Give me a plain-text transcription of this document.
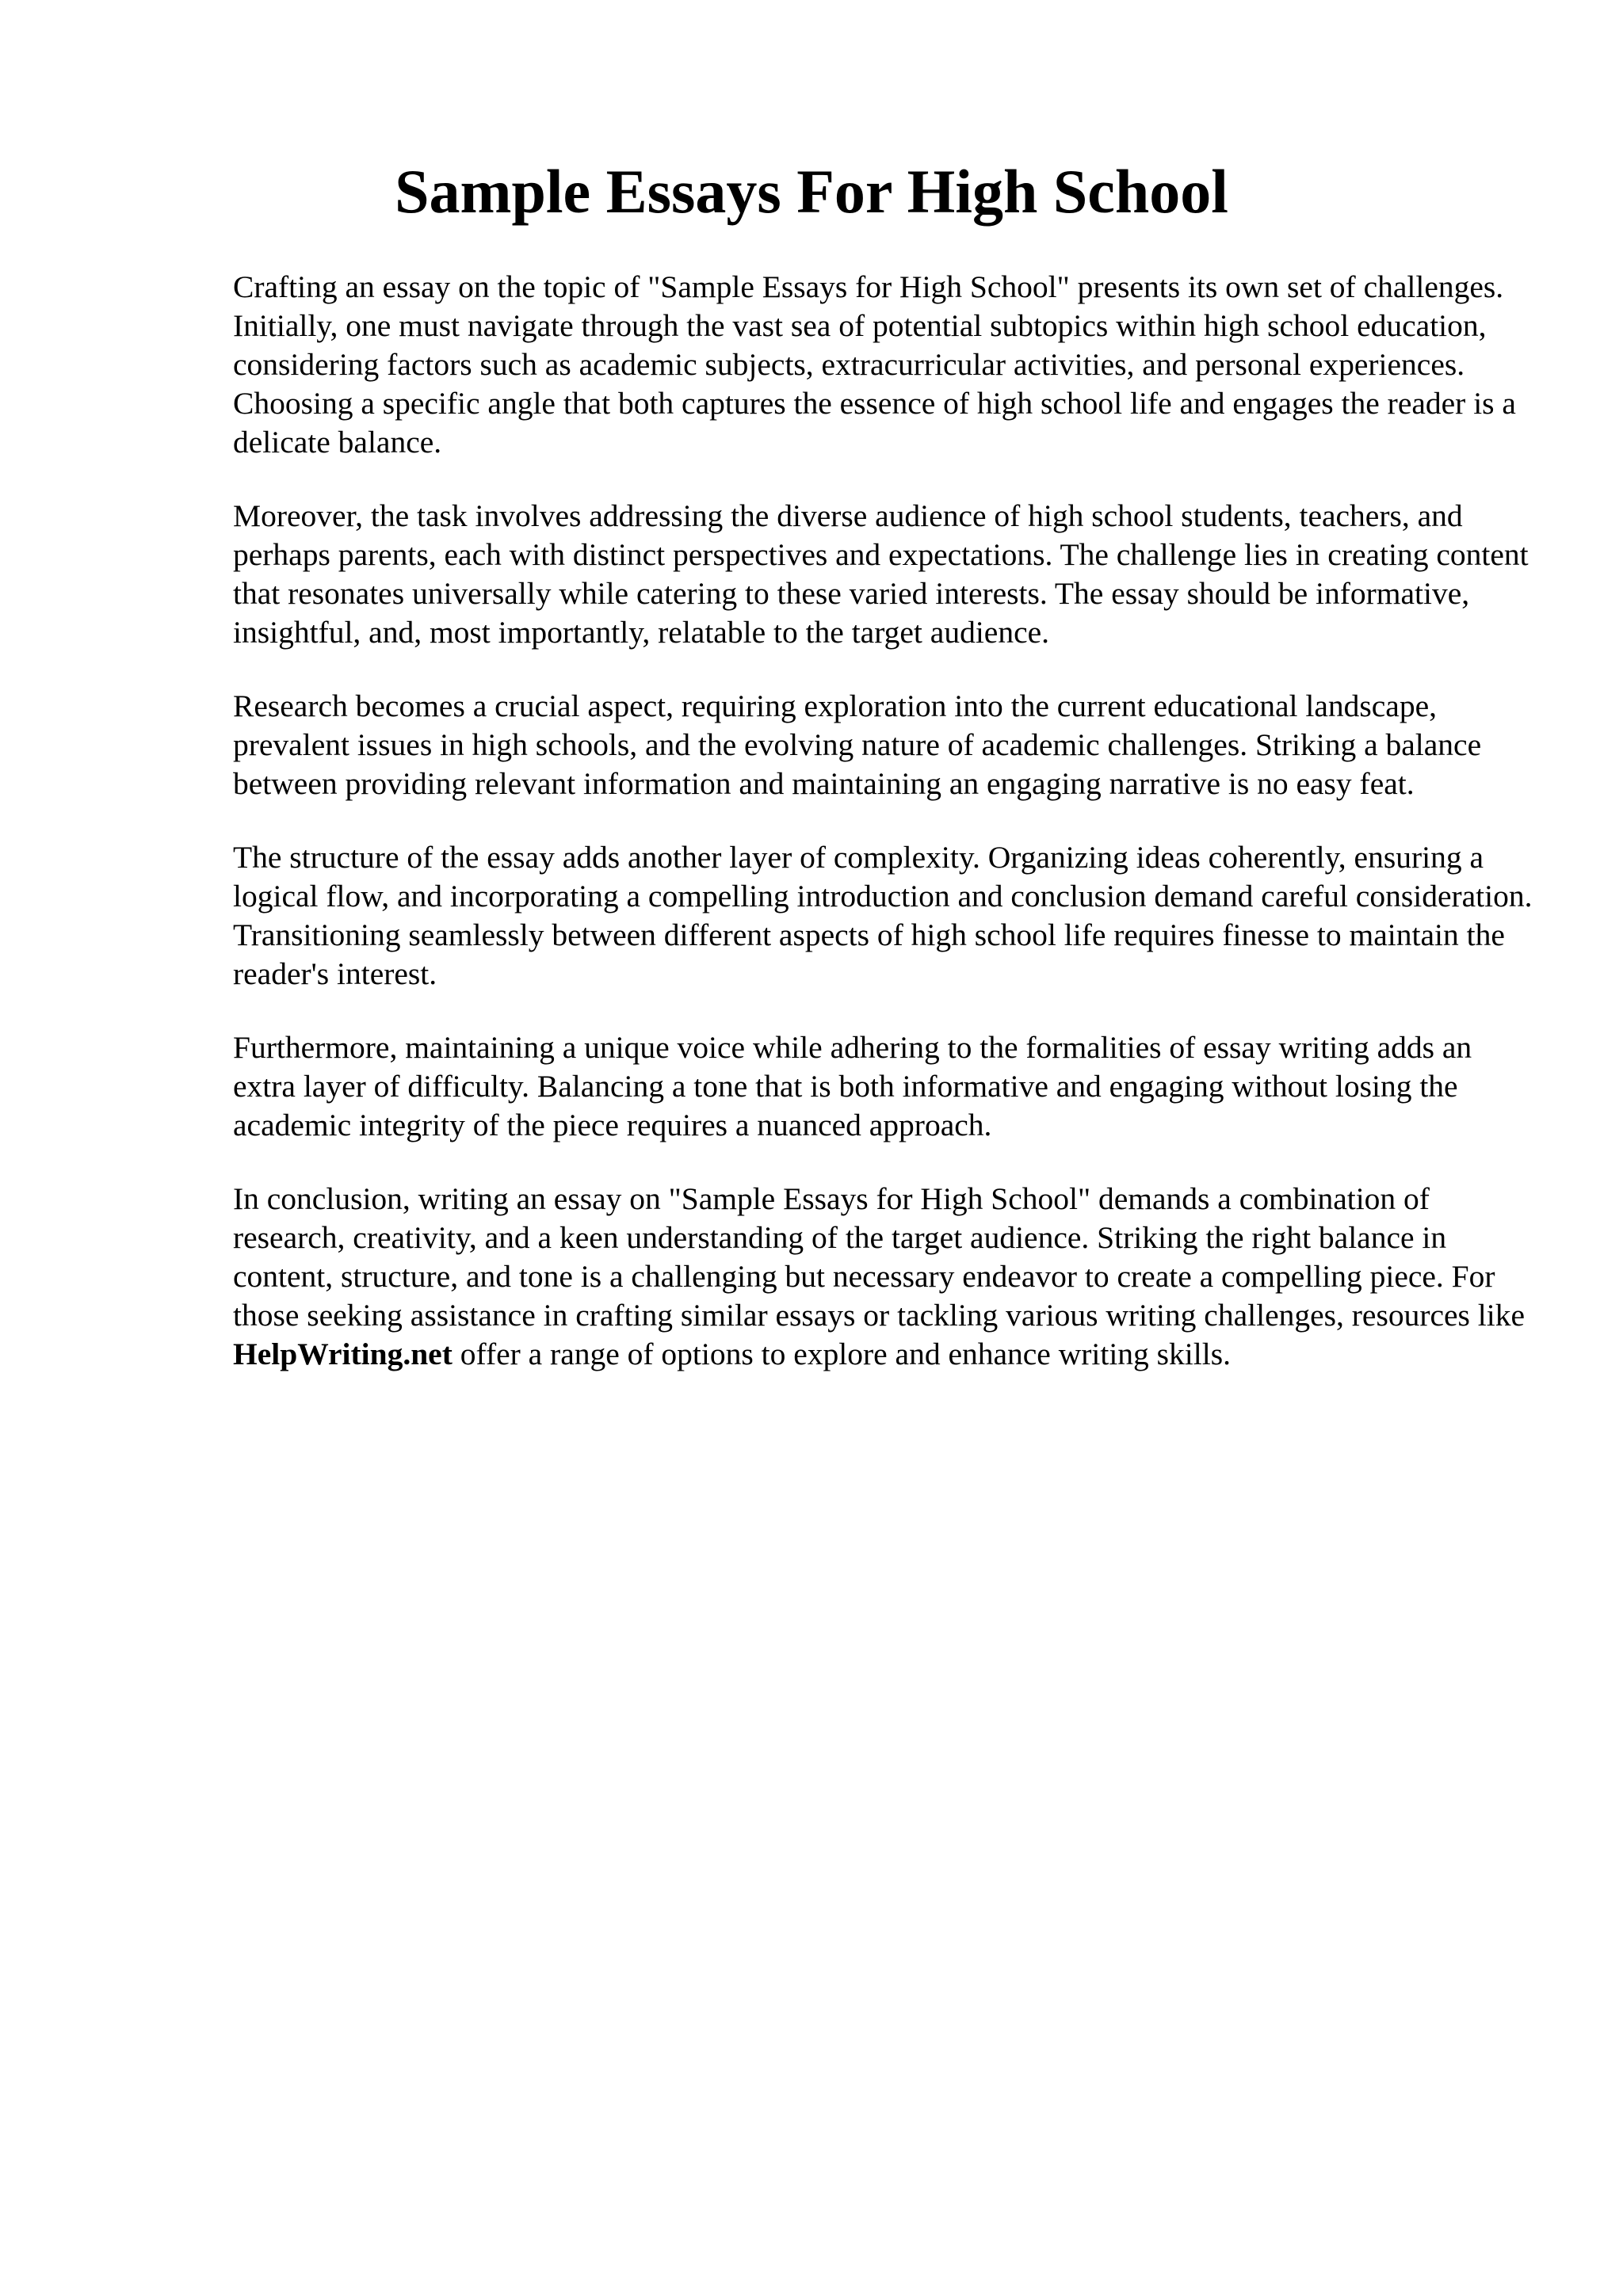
Sample Essays For High School

Crafting an essay on the topic of "Sample Essays for High School" presents its own set of challenges. Initially, one must navigate through the vast sea of potential subtopics within high school education, considering factors such as academic subjects, extracurricular activities, and personal experiences. Choosing a specific angle that both captures the essence of high school life and engages the reader is a delicate balance.

Moreover, the task involves addressing the diverse audience of high school students, teachers, and perhaps parents, each with distinct perspectives and expectations. The challenge lies in creating content that resonates universally while catering to these varied interests. The essay should be informative, insightful, and, most importantly, relatable to the target audience.

Research becomes a crucial aspect, requiring exploration into the current educational landscape, prevalent issues in high schools, and the evolving nature of academic challenges. Striking a balance between providing relevant information and maintaining an engaging narrative is no easy feat.

The structure of the essay adds another layer of complexity. Organizing ideas coherently, ensuring a logical flow, and incorporating a compelling introduction and conclusion demand careful consideration. Transitioning seamlessly between different aspects of high school life requires finesse to maintain the reader's interest.

Furthermore, maintaining a unique voice while adhering to the formalities of essay writing adds an extra layer of difficulty. Balancing a tone that is both informative and engaging without losing the academic integrity of the piece requires a nuanced approach.

In conclusion, writing an essay on "Sample Essays for High School" demands a combination of research, creativity, and a keen understanding of the target audience. Striking the right balance in content, structure, and tone is a challenging but necessary endeavor to create a compelling piece. For those seeking assistance in crafting similar essays or tackling various writing challenges, resources like HelpWriting.net offer a range of options to explore and enhance writing skills.
